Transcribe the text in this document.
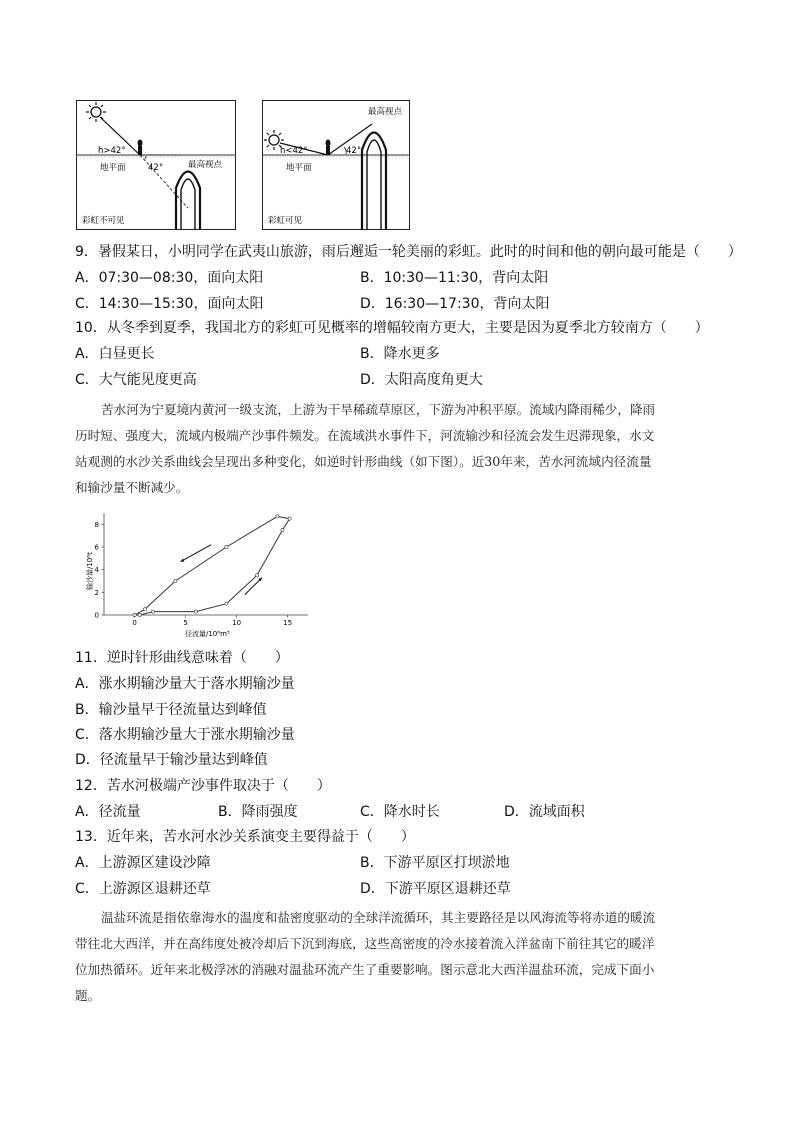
h>42°
42°
地平面	最高视点
彩虹不可见
h<42°	42°
地平面
最高视点
彩虹可见
9．暑假某日，小明同学在武夷山旅游，雨后邂逅一轮美丽的彩虹。此时的时间和他的朝向最可能是（　　）
A．07:30—08:30，面向太阳	B．10:30—11:30，背向太阳
C．14:30—15:30，面向太阳	D．16:30—17:30，背向太阳
10．从冬季到夏季，我国北方的彩虹可见概率的增幅较南方更大，主要是因为夏季北方较南方（　　）
A．白昼更长	B．降水更多
C．大气能见度更高	D．太阳高度角更大
苦水河为宁夏境内黄河一级支流，上游为干旱稀疏草原区，下游为冲积平原。流域内降雨稀少，降雨
历时短、强度大，流域内极端产沙事件频发。在流域洪水事件下，河流输沙和径流会发生迟滞现象，水文
站观测的水沙关系曲线会呈现出多种变化，如逆时针形曲线（如下图）。近30年来，苦水河流域内径流量
和输沙量不断减少。
0	5	10	15
0
2
4
6
8
输沙量/10⁶t
径流量/10⁶m³
11．逆时针形曲线意味着（　　）
A．涨水期输沙量大于落水期输沙量
B．输沙量早于径流量达到峰值
C．落水期输沙量大于涨水期输沙量
D．径流量早于输沙量达到峰值
12．苦水河极端产沙事件取决于（　　）
A．径流量	B．降雨强度	C．降水时长	D．流域面积
13．近年来，苦水河水沙关系演变主要得益于（　　）
A．上游源区建设沙障	B．下游平原区打坝淤地
C．上游源区退耕还草	D．下游平原区退耕还草
温盐环流是指依靠海水的温度和盐密度驱动的全球洋流循环，其主要路径是以风海流等将赤道的暖流
带往北大西洋，并在高纬度处被冷却后下沉到海底，这些高密度的冷水接着流入洋盆南下前往其它的暖洋
位加热循环。近年来北极浮冰的消融对温盐环流产生了重要影响。图示意北大西洋温盐环流，完成下面小
题。
